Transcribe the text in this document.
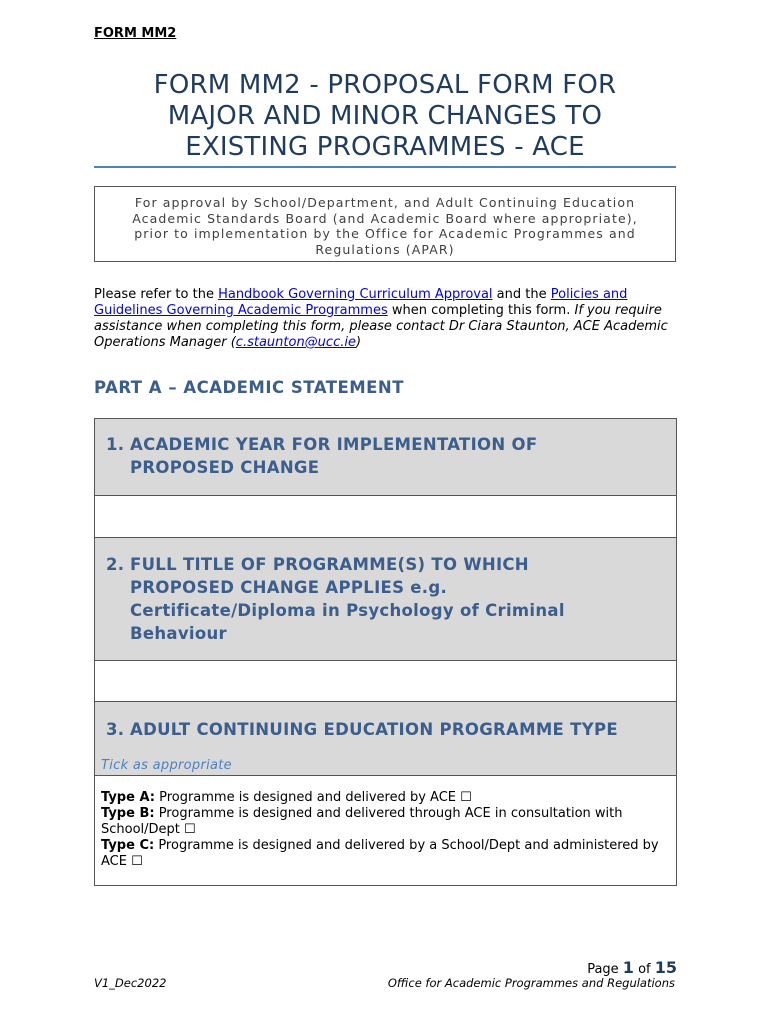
FORM MM2
FORM MM2 - PROPOSAL FORM FOR
MAJOR AND MINOR CHANGES TO
EXISTING PROGRAMMES - ACE
For approval by School/Department, and Adult Continuing Education
Academic Standards Board (and Academic Board where appropriate),
prior to implementation by the Office for Academic Programmes and
Regulations (APAR)
Please refer to the Handbook Governing Curriculum Approval and the Policies and Guidelines Governing Academic Programmes when completing this form. If you require assistance when completing this form, please contact Dr Ciara Staunton, ACE Academic Operations Manager (c.staunton@ucc.ie)
PART A – ACADEMIC STATEMENT
1. ACADEMIC YEAR FOR IMPLEMENTATION OF
PROPOSED CHANGE
2. FULL TITLE OF PROGRAMME(S) TO WHICH
PROPOSED CHANGE APPLIES e.g.
Certificate/Diploma in Psychology of Criminal
Behaviour
3. ADULT CONTINUING EDUCATION PROGRAMME TYPE
Tick as appropriate
Type A: Programme is designed and delivered by ACE ☐
Type B: Programme is designed and delivered through ACE in consultation with School/Dept ☐
Type C: Programme is designed and delivered by a School/Dept and administered by ACE ☐
Page 1 of 15
V1_Dec2022	Office for Academic Programmes and Regulations
